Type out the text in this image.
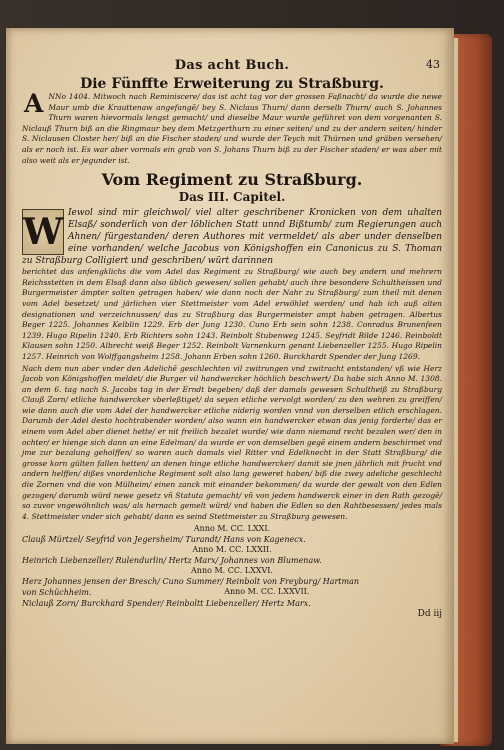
Das acht Buch.	43
Die Fünffte Erweiterung zu Straßburg.

A NNo 1404. Mitwoch nach Reminiscere/ das ist acht tag vor der grossen Faßnacht/ da wurde die newe Maur umb die Krauttenaw angefangē/ bey S. Niclaus Thurn/ dann derselb Thurn/ auch S. Johannes Thurn waren hievormals lengst gemacht/ und dieselbe Maur wurde geführet von dem vorgenanten S. Niclauß Thurn biß an die Ringmaur bey dem Metzgerthurn zu einer seiten/ und zu der andern seiten/ hinder S. Niclausen Closter her/ biß an die Fischer staden/ und wurde der Teych mit Thürnen und gräben versehen/ als er noch ist. Es war aber vormals ein grab von S. Johans Thurn biß zu der Fischer staden/ er was aber mit also weit als er jegunder ist.

Vom Regiment zu Straßburg.
Das III. Capitel.

W Iewol sind mir gleichwol/ viel alter geschribener Kronicken von dem uhalten Elsaß/ sonderlich von der löblichen Statt unnd Bißtumb/ zum Regierungen auch Ahnen/ fürgestanden/ deren Authores mit vermeldet/ als aber under denselben eine vorhanden/ welche Jacobus von Königshoffen ein Canonicus zu S. Thoman zu Straßburg Colligiert und geschriben/ würt darinnen

berichtet das anfengklichs die vom Adel das Regiment zu Straßburg/ wie auch bey andern und mehrern Reichsstetten in dem Elsaß dann also üblich gewesen/ sollen gehabt/ auch ihre besondere Schultheissen und Burgermeister ämpter solten getragen haben/ wie dann noch der Nahr zu Straßburg/ zum theil mit denen vom Adel besetzet/ und järlichen vier Stettmeister vom Adel erwöhlet werden/ und hab ich auß alten designationen und verzeichnussen/ das zu Straßburg das Burgermeister ampt haben getragen. Albertus Beger 1225. Johannes Kelblin 1229. Erb der Jung 1230. Cuno Erb sein sohn 1238. Conradus Brunenfeen 1239. Hugo Ripelin 1240. Erb Richters sohn 1243. Reinbolt Stubenweg 1245. Seyfridt Bilde 1246. Reinboldt Klausen sohn 1250. Albrecht weiß Beger 1252. Reinbolt Varnenkurn genant Liebenzeller 1255. Hugo Ripelin 1257. Heinrich von Wolffgangsheim 1258. Johann Erben sohn 1260. Burckhardt Spender der Jung 1269.

Nach dem nun aber vnder den Adelichē geschlechten vil zwitrungen vnd zwitracht entstanden/ vß wie Herz Jacob von Königshoffen meldet/ die Burger vil handwercker höchlich beschwert/ Da habe sich Anno M. 1308. an dem 6. tag nach S. Jacobs tag in der Erndt begeben/ daß der damals gewesen Schultheiß zu Straßburg Clauß Zorn/ etliche handwercker vberleßtiget/ da seyen etliche vervolgt worden/ zu den wehren zu greiffen/ wie dann auch die vom Adel der handwercker etliche niderig worden vnnd von derselben etlich erschlagen. Darumb der Adel desto hochtrabender worden/ also wann ein handwercker etwan das jenig forderte/ das er einem vom Adel aber dienet hette/ er nit freilich bezalet wurde/ wie dann niemand recht bezalen wer/ den in ochter/ er hienge sich dann an eine Edelman/ da wurde er von demselben gegē einem andern beschirmet vnd jme zur bezalung geholffen/ so waren auch damals viel Ritter vnd Edelknecht in der Statt Straßburg/ die grosse korn gülten fallen hetten/ an denen hinge etliche handwercker/ damit sie jnen jährlich mit frucht vnd andern helffen/ dißes vnordenliche Regiment solt also lang geweret haben/ biß die zwey adeliche geschlecht die Zornen vnd die von Mülheim/ einen zanck mit einander bekommen/ da wurde der gewalt von den Edlen gezogen/ darumb würd newe gesetz vñ Statuta gemacht/ vñ von jedem handwerck einer in den Rath gezogē/ so zuvor vngewöhnlich was/ als hernach gemelt würd/ vnd haben die Edlen so den Rahtbesessen/ jedes mals 4. Stettmeister vnder sich gehabt/ dann es seind Stettmeister zu Straßburg gewesen.

Anno M. CC. LXXI.
Clauß Mürtzel/ Seyfrid von Jegersheim/ Turandt/ Hans von Kagenecx.
Anno M. CC. LXXII.
Heinrich Liebenzeller/ Rulendurlin/ Hertz Marx/ Johannes von Blumenaw.
Anno M. CC. LXXVI.
Herz Johannes jensen der Bresch/ Cuno Summer/ Reinbolt von Freyburg/ Hartman
von Schüchheim.	Anno M. CC. LXXVII.
Niclauß Zorn/ Burckhard Spender/ Reinboltt Liebenzeller/ Hertz Marx.
Dd iij
